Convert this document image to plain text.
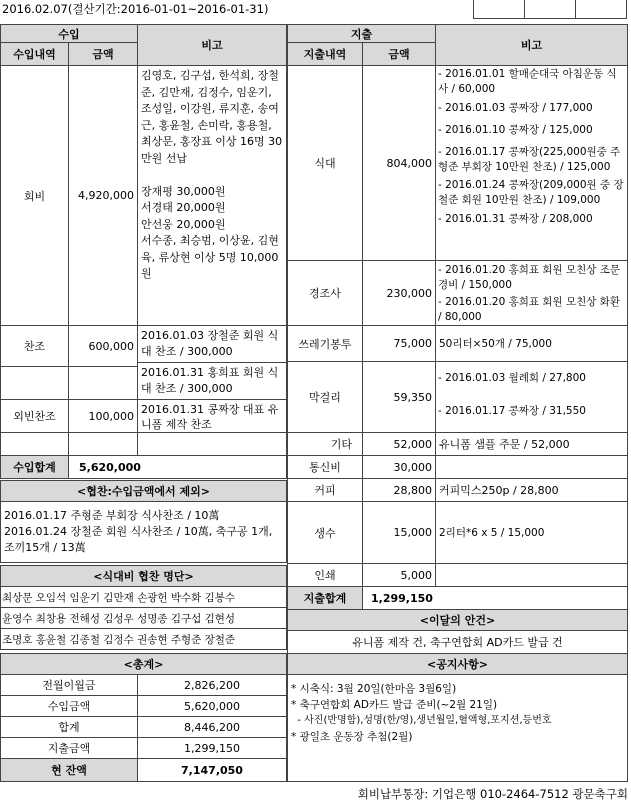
2016.02.07(결산기간:2016-01-01~2016-01-31)
수입
수입내역	금액
비고
회비	4,920,000
김영호, 김구섭, 한석희, 장철준, 김만재, 김정수, 임운기, 조성일, 이강원, 류지훈, 송여근, 홍윤철, 손미락, 홍용철, 최상문, 홍장표 이상 16명 30만원 선납

장재평 30,000원
서경태 20,000원
안선웅 20,000원
서수종, 최승범, 이상윤, 김현육, 류상현 이상 5명 10,000원
찬조	600,000
2016.01.03 장철준 회원 식대 찬조 / 300,000
2016.01.31 홍희표 회원 식대 찬조 / 300,000
외빈찬조	100,000 2016.01.31 콩짜장 대표 유니폼 제작 찬조
수입합계	5,620,000
<협찬:수입금액에서 제외>
2016.01.17 주형준 부회장 식사찬조 / 10萬
2016.01.24 장철준 회원 식사찬조 / 10萬, 축구공 1개, 조끼15개 / 13萬
<식대비 협찬 명단>
최상문 오임석 임운기 김만재 손광헌 박수화 김봉수
윤영수 최창용 전해성 김성우 성명종 김구섭 김현성
조명호 홍윤철 김종철 김정수 권송현 주형준 장철준
<총계>
전월이월금	2,826,200
수입금액	5,620,000
합계	8,446,200
지출금액	1,299,150
현 잔액	7,147,050
지출
지출내역	금액
비고
식대	804,000
- 2016.01.01 할매순대국 아침운동 식사 / 60,000
- 2016.01.03 콩짜장 / 177,000
- 2016.01.10 콩짜장 / 125,000
- 2016.01.17 콩짜장(225,000원중 주형준 부회장 10만원 찬조) / 125,000
- 2016.01.24 콩짜장(209,000원 중 장철준 회원 10만원 찬조) / 109,000
- 2016.01.31 콩짜장 / 208,000
경조사	230,000
- 2016.01.20 홍희표 회원 모친상 조문경비 / 150,000
- 2016.01.20 홍희표 회원 모친상 화환 / 80,000
쓰레기봉투	75,000 50리터×50개 / 75,000
막걸리	59,350
- 2016.01.03 월례회 / 27,800
- 2016.01.17 콩짜장 / 31,550
기타	52,000 유니폼 샘플 주문 / 52,000
통신비	30,000
커피	28,800 커피믹스250p / 28,800
생수	15,000 2리터*6 x 5 / 15,000
인쇄	5,000
지출합계	1,299,150
<이달의 안건>
유니폼 제작 건, 축구연합회 AD카드 발급 건
<공지사항>
* 시축식: 3월 20일(한마음 3월6일)
* 축구연합회 AD카드 발급 준비(~2월 21일)
- 사진(반명함),성명(한/영),생년월일,혈액형,포지션,등번호
* 광일초 운동장 추첨(2월)
회비납부통장: 기업은행 010-2464-7512 광문축구회
